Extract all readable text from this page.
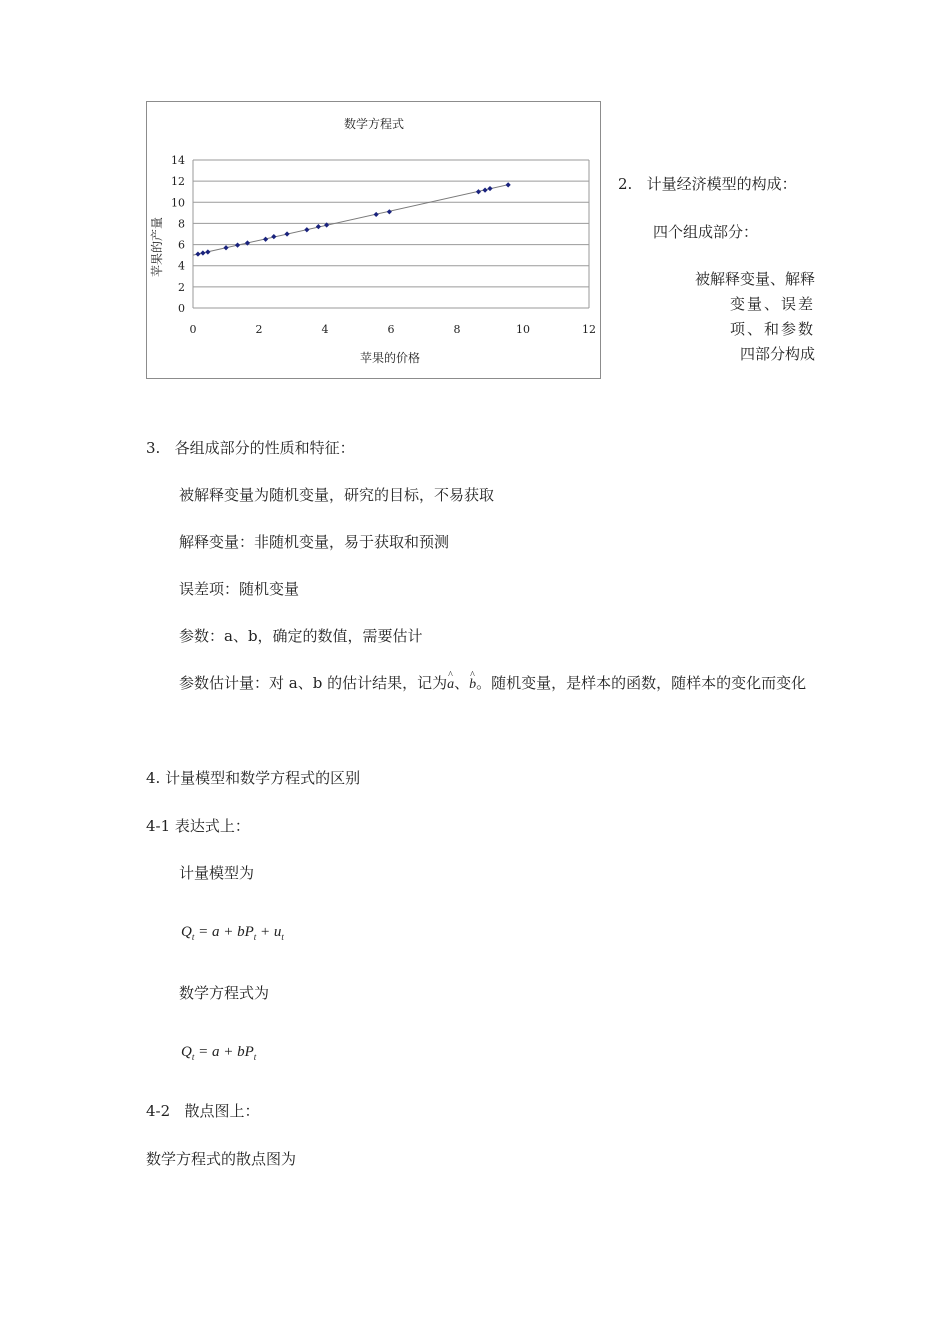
数学方程式
苹果的价格
苹果的产量
0
2
4
6
8
10
12
14
0	2	4	6	8	10	12
2.   计量经济模型的构成：
四个组成部分：
被解释变量、解释
变量、误差
项、和参数
四部分构成
3.   各组成部分的性质和特征：
被解释变量为随机变量，研究的目标，不易获取
解释变量：非随机变量，易于获取和预测
误差项：随机变量
参数：a、b，确定的数值，需要估计
参数估计量：对 a、b 的估计结果，记为^ a、^ b。随机变量，是样本的函数，随样本的变化而变化
4. 计量模型和数学方程式的区别
4-1 表达式上：
计量模型为
$Q_t = a + bP_t + u_t$
数学方程式为
$Q_t = a + bP_t$
4-2   散点图上：
数学方程式的散点图为
